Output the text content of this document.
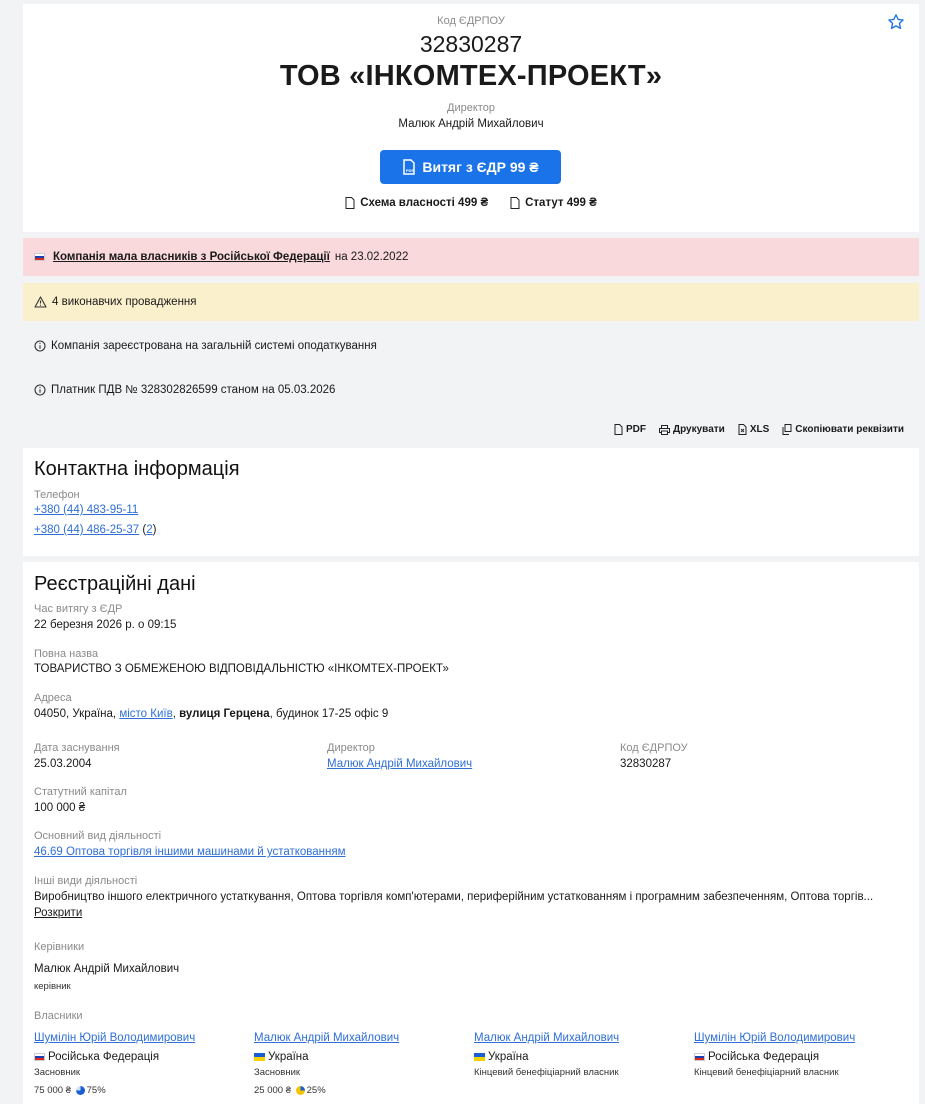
Код ЄДРПОУ
32830287
ТОВ «ІНКОМТЕХ-ПРОЕКТ»
Директор
Малюк Андрій Михайлович
PDF Витяг з ЄДР 99 ₴
Схема власності 499 ₴	Статут 499 ₴
Компанія мала власників з Російської Федерації на 23.02.2022
4 виконавчих провадження
Компанія зареєстрована на загальній системі оподаткування
Платник ПДВ № 328302826599 станом на 05.03.2026
PDF	Друкувати	XLS	Скопіювати реквізити
Контактна інформація
Телефон
+380 (44) 483-95-11
+380 (44) 486-25-37 (2)
Реєстраційні дані
Час витягу з ЄДР
22 березня 2026 р. о 09:15
Повна назва
ТОВАРИСТВО З ОБМЕЖЕНОЮ ВІДПОВІДАЛЬНІСТЮ «ІНКОМТЕХ-ПРОЕКТ»
Адреса
04050, Україна, місто Київ, вулиця Герцена, будинок 17-25 офіс 9
Дата заснування
25.03.2004
Директор
Малюк Андрій Михайлович
Код ЄДРПОУ
32830287
Статутний капітал
100 000 ₴
Основний вид діяльності
46.69 Оптова торгівля іншими машинами й устаткованням
Інші види діяльності
Виробництво іншого електричного устаткування, Оптова торгівля комп'ютерами, периферійним устаткованням і програмним забезпеченням, Оптова торгів...
Розкрити
Керівники
Малюк Андрій Михайлович
керівник
Власники
Шумілін Юрій Володимирович
Російська Федерація
Засновник
75 000 ₴ 75%
Малюк Андрій Михайлович
Україна
Засновник
25 000 ₴ 25%
Малюк Андрій Михайлович
Україна
Кінцевий бенефіціарний власник
Шумілін Юрій Володимирович
Російська Федерація
Кінцевий бенефіціарний власник
